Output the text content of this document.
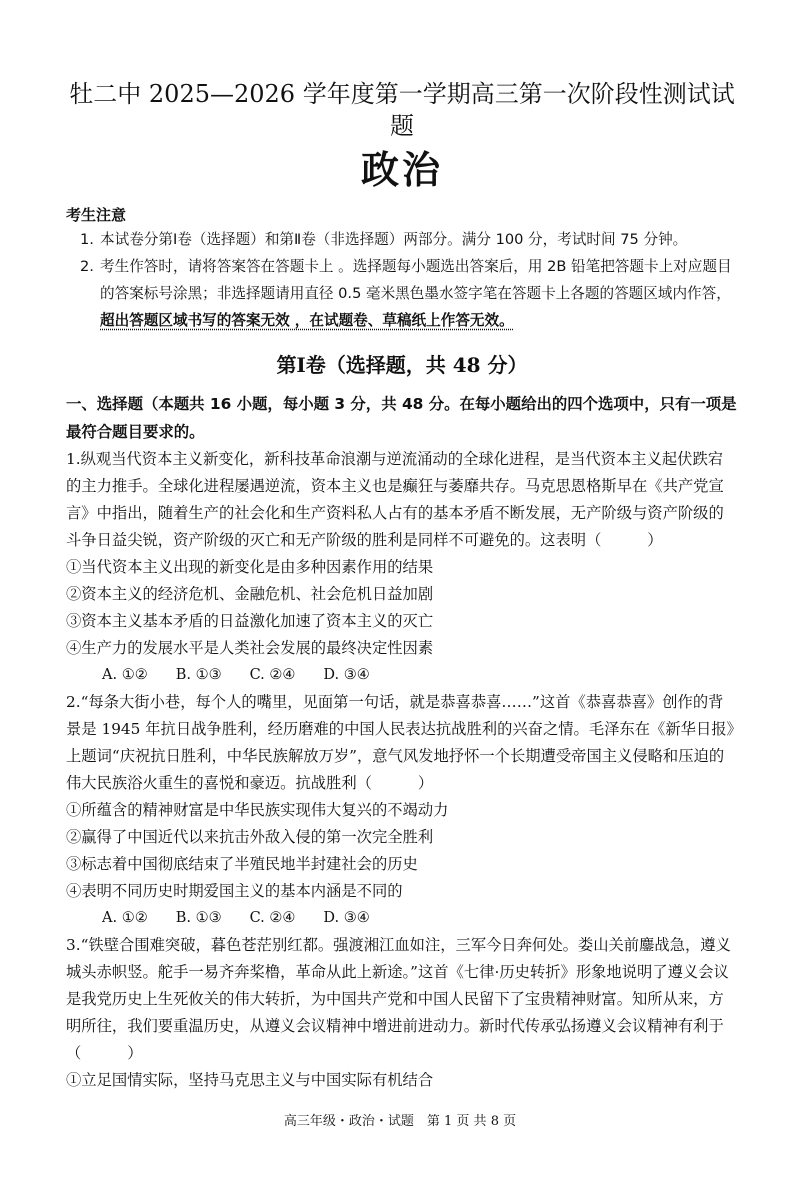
牡二中 2025—2026 学年度第一学期高三第一次阶段性测试试题
政治
考生注意
1. 本试卷分第Ⅰ卷（选择题）和第Ⅱ卷（非选择题）两部分。满分 100 分，考试时间 75 分钟。
2. 考生作答时，请将答案答在答题卡上 。选择题每小题选出答案后，用 2B 铅笔把答题卡上对应题目的答案标号涂黑；非选择题请用直径 0.5 毫米黑色墨水签字笔在答题卡上各题的答题区域内作答，超出答题区域书写的答案无效 ，在试题卷、草稿纸上作答无效。
第Ⅰ卷（选择题，共 48 分）
一、选择题（本题共 16 小题，每小题 3 分，共 48 分。在每小题给出的四个选项中，只有一项是最符合题目要求的。
1.纵观当代资本主义新变化，新科技革命浪潮与逆流涌动的全球化进程，是当代资本主义起伏跌宕的主力推手。全球化进程屡遇逆流，资本主义也是癫狂与萎靡共存。马克思恩格斯早在《共产党宣言》中指出，随着生产的社会化和生产资料私人占有的基本矛盾不断发展，无产阶级与资产阶级的斗争日益尖锐，资产阶级的灭亡和无产阶级的胜利是同样不可避免的。这表明（　　　）
①当代资本主义出现的新变化是由多种因素作用的结果
②资本主义的经济危机、金融危机、社会危机日益加剧
③资本主义基本矛盾的日益激化加速了资本主义的灭亡
④生产力的发展水平是人类社会发展的最终决定性因素
A. ①② B. ①③ C. ②④ D. ③④
2.“每条大街小巷，每个人的嘴里，见面第一句话，就是恭喜恭喜……”这首《恭喜恭喜》创作的背景是 1945 年抗日战争胜利，经历磨难的中国人民表达抗战胜利的兴奋之情。毛泽东在《新华日报》上题词“庆祝抗日胜利，中华民族解放万岁”，意气风发地抒怀一个长期遭受帝国主义侵略和压迫的伟大民族浴火重生的喜悦和豪迈。抗战胜利（　　　）
①所蕴含的精神财富是中华民族实现伟大复兴的不竭动力
②赢得了中国近代以来抗击外敌入侵的第一次完全胜利
③标志着中国彻底结束了半殖民地半封建社会的历史
④表明不同历史时期爱国主义的基本内涵是不同的
A. ①② B. ①③ C. ②④ D. ③④
3.“铁壁合围难突破，暮色苍茫别红都。强渡湘江血如注，三军今日奔何处。娄山关前鏖战急，遵义城头赤帜竖。舵手一易齐奔桨橹，革命从此上新途。”这首《七律·历史转折》形象地说明了遵义会议是我党历史上生死攸关的伟大转折，为中国共产党和中国人民留下了宝贵精神财富。知所从来，方明所往，我们要重温历史，从遵义会议精神中增进前进动力。新时代传承弘扬遵义会议精神有利于（　　　）
①立足国情实际，坚持马克思主义与中国实际有机结合
高三年级・政治・试题　第 1 页 共 8 页
